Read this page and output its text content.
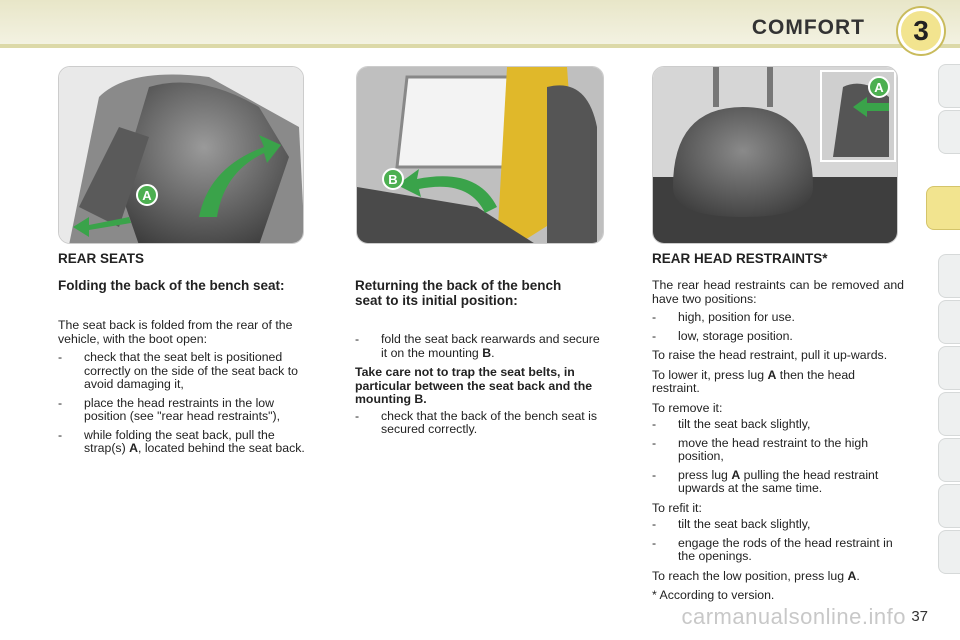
COMFORT 3
A
B
A
REAR SEATS
Folding the back of the bench seat:
The seat back is folded from the rear of the vehicle, with the boot open:
- check that the seat belt is positioned correctly on the side of the seat back to avoid damaging it,
- place the head restraints in the low position (see "rear head restraints"),
- while folding the seat back, pull the strap(s) A, located behind the seat back.
Returning the back of the bench seat to its initial position:
- fold the seat back rearwards and secure it on the mounting B.
Take care not to trap the seat belts, in particular between the seat back and the mounting B.
- check that the back of the bench seat is secured correctly.
REAR HEAD RESTRAINTS*
The rear head restraints can be removed and have two positions:
- high, position for use.
- low, storage position.
To raise the head restraint, pull it up-wards.
To lower it, press lug A then the head restraint.
To remove it:
- tilt the seat back slightly,
- move the head restraint to the high position,
- press lug A pulling the head restraint upwards at the same time.
To refit it:
- tilt the seat back slightly,
- engage the rods of the head restraint in the openings.
To reach the low position, press lug A.
* According to version.
carmanualsonline.info 37
